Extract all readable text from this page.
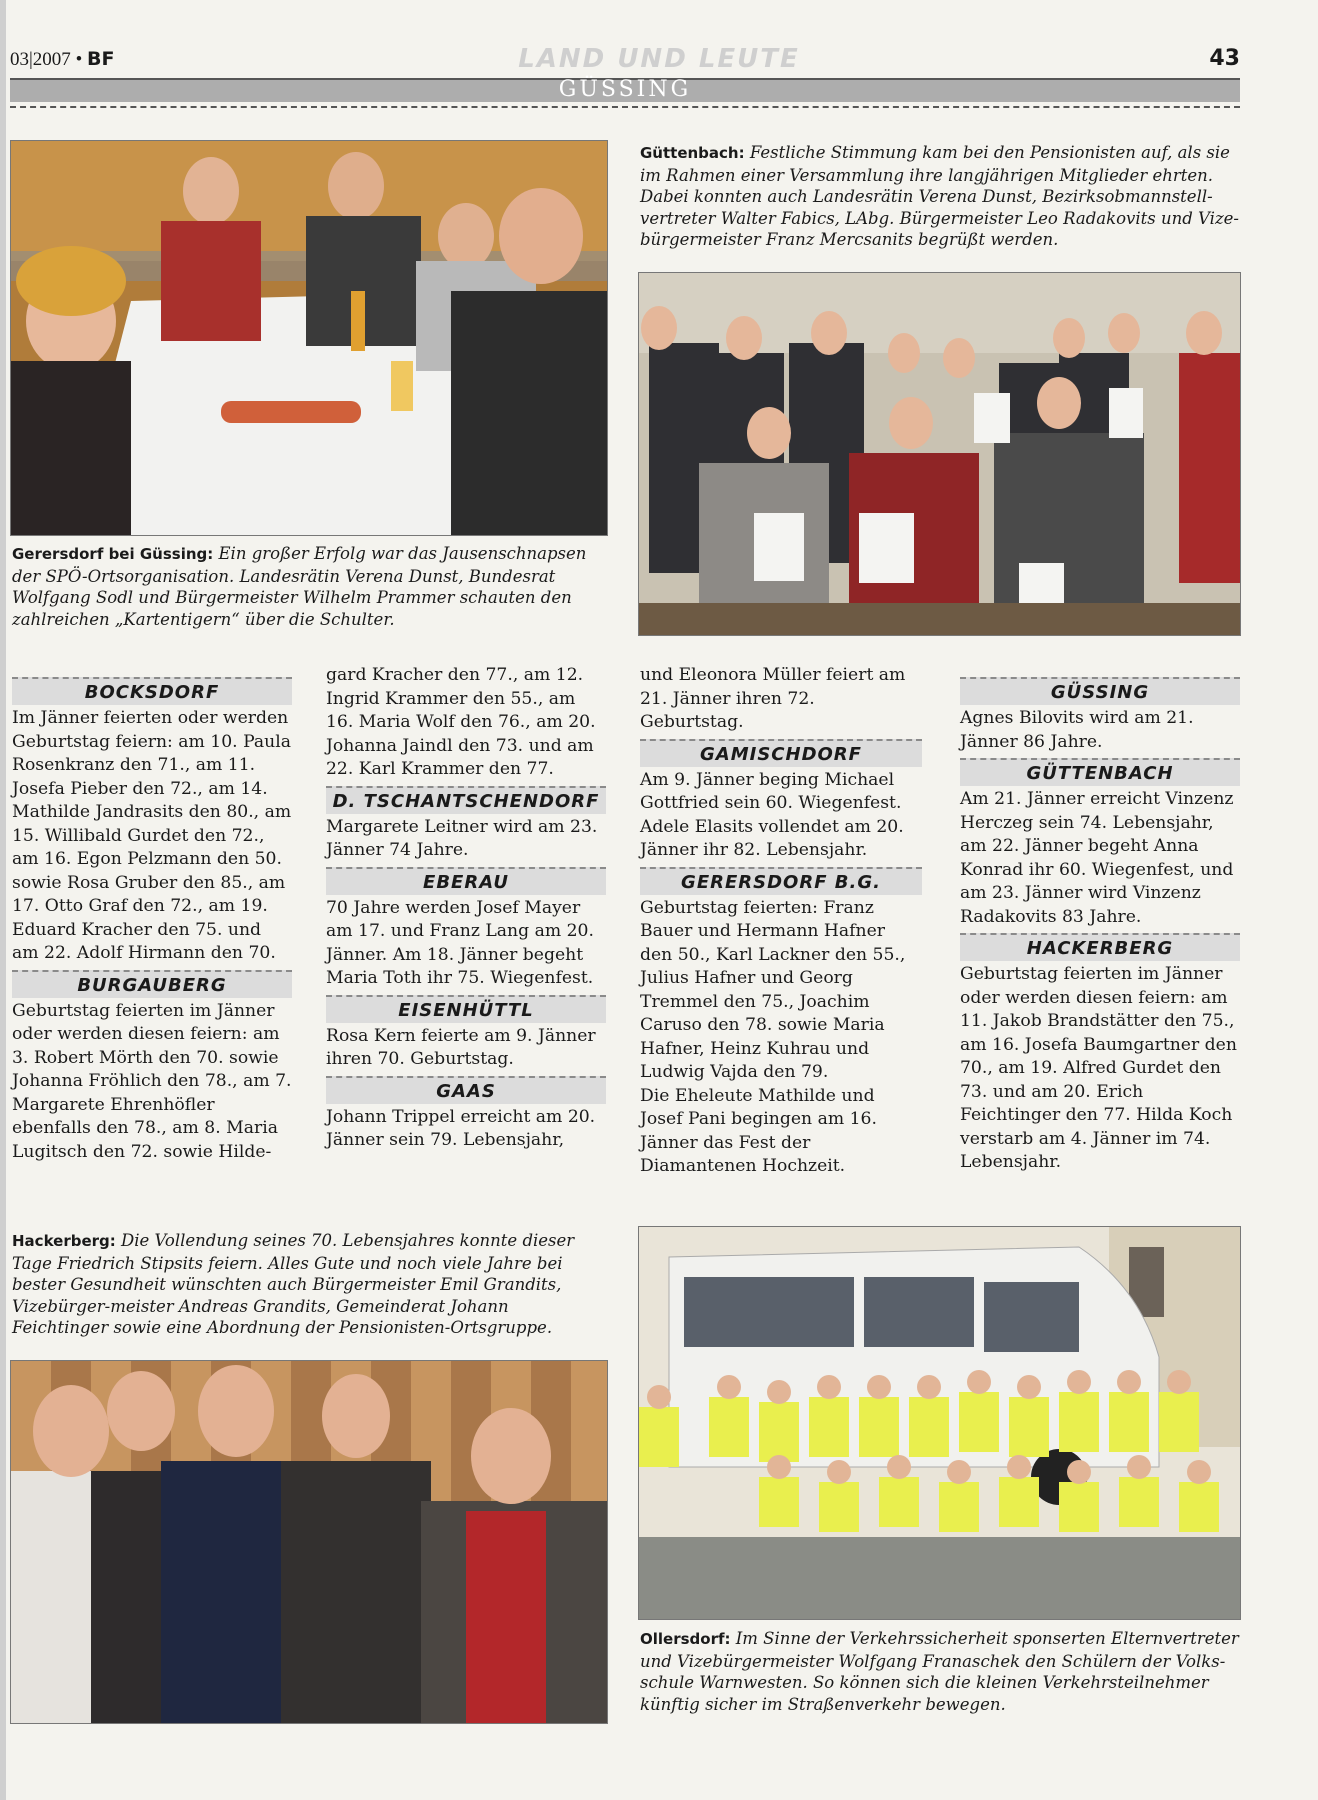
03|2007 • BF	LAND UND LEUTE	43
GÜSSING
Gerersdorf bei Güssing: Ein großer Erfolg war das Jausenschnapsen der SPÖ-Ortsorganisation. Landesrätin Verena Dunst, Bundesrat Wolfgang Sodl und Bürgermeister Wilhelm Prammer schauten den zahlreichen „Kartentigern“ über die Schulter.
Güttenbach: Festliche Stimmung kam bei den Pensionisten auf, als sie im Rahmen einer Versammlung ihre langjährigen Mitglieder ehrten. Dabei konnten auch Landesrätin Verena Dunst, Bezirksobmannstell-vertreter Walter Fabics, LAbg. Bürgermeister Leo Radakovits und Vize-bürgermeister Franz Mercsanits begrüßt werden.
Hackerberg: Die Vollendung seines 70. Lebensjahres konnte dieser Tage Friedrich Stipsits feiern. Alles Gute und noch viele Jahre bei bester Gesundheit wünschten auch Bürgermeister Emil Grandits, Vizebürger-meister Andreas Grandits, Gemeinderat Johann Feichtinger sowie eine Abordnung der Pensionisten-Ortsgruppe.
Ollersdorf: Im Sinne der Verkehrssicherheit sponserten Elternvertreter und Vizebürgermeister Wolfgang Franaschek den Schülern der Volks-schule Warnwesten. So können sich die kleinen Verkehrsteilnehmer künftig sicher im Straßenverkehr bewegen.
BOCKSDORF

Im Jänner feierten oder werden Geburtstag feiern: am 10. Paula Rosenkranz den 71., am 11. Josefa Pieber den 72., am 14. Mathilde Jandrasits den 80., am 15. Willibald Gurdet den 72., am 16. Egon Pelzmann den 50. sowie Rosa Gruber den 85., am 17. Otto Graf den 72., am 19. Eduard Kracher den 75. und am 22. Adolf Hirmann den 70.

BURGAUBERG

Geburtstag feierten im Jänner oder werden diesen feiern: am 3. Robert Mörth den 70. sowie Johanna Fröhlich den 78., am 7. Margarete Ehrenhöfler ebenfalls den 78., am 8. Maria Lugitsch den 72. sowie Hilde-

gard Kracher den 77., am 12. Ingrid Krammer den 55., am 16. Maria Wolf den 76., am 20. Johanna Jaindl den 73. und am 22. Karl Krammer den 77.

D. TSCHANTSCHENDORF

Margarete Leitner wird am 23. Jänner 74 Jahre.

EBERAU

70 Jahre werden Josef Mayer am 17. und Franz Lang am 20. Jänner. Am 18. Jänner begeht Maria Toth ihr 75. Wiegenfest.

EISENHÜTTL

Rosa Kern feierte am 9. Jänner ihren 70. Geburtstag.

GAAS

Johann Trippel erreicht am 20. Jänner sein 79. Lebensjahr,

und Eleonora Müller feiert am 21. Jänner ihren 72. Geburtstag.

GAMISCHDORF

Am 9. Jänner beging Michael Gottfried sein 60. Wiegenfest. Adele Elasits vollendet am 20. Jänner ihr 82. Lebensjahr.

GERERSDORF B.G.

Geburtstag feierten: Franz Bauer und Hermann Hafner den 50., Karl Lackner den 55., Julius Hafner und Georg Tremmel den 75., Joachim Caruso den 78. sowie Maria Hafner, Heinz Kuhrau und Ludwig Vajda den 79.

Die Eheleute Mathilde und Josef Pani begingen am 16. Jänner das Fest der Diamantenen Hochzeit.

GÜSSING

Agnes Bilovits wird am 21. Jänner 86 Jahre.

GÜTTENBACH

Am 21. Jänner erreicht Vinzenz Herczeg sein 74. Lebensjahr, am 22. Jänner begeht Anna Konrad ihr 60. Wiegenfest, und am 23. Jänner wird Vinzenz Radakovits 83 Jahre.

HACKERBERG

Geburtstag feierten im Jänner oder werden diesen feiern: am 11. Jakob Brandstätter den 75., am 16. Josefa Baumgartner den 70., am 19. Alfred Gurdet den 73. und am 20. Erich Feichtinger den 77. Hilda Koch verstarb am 4. Jänner im 74. Lebensjahr.
